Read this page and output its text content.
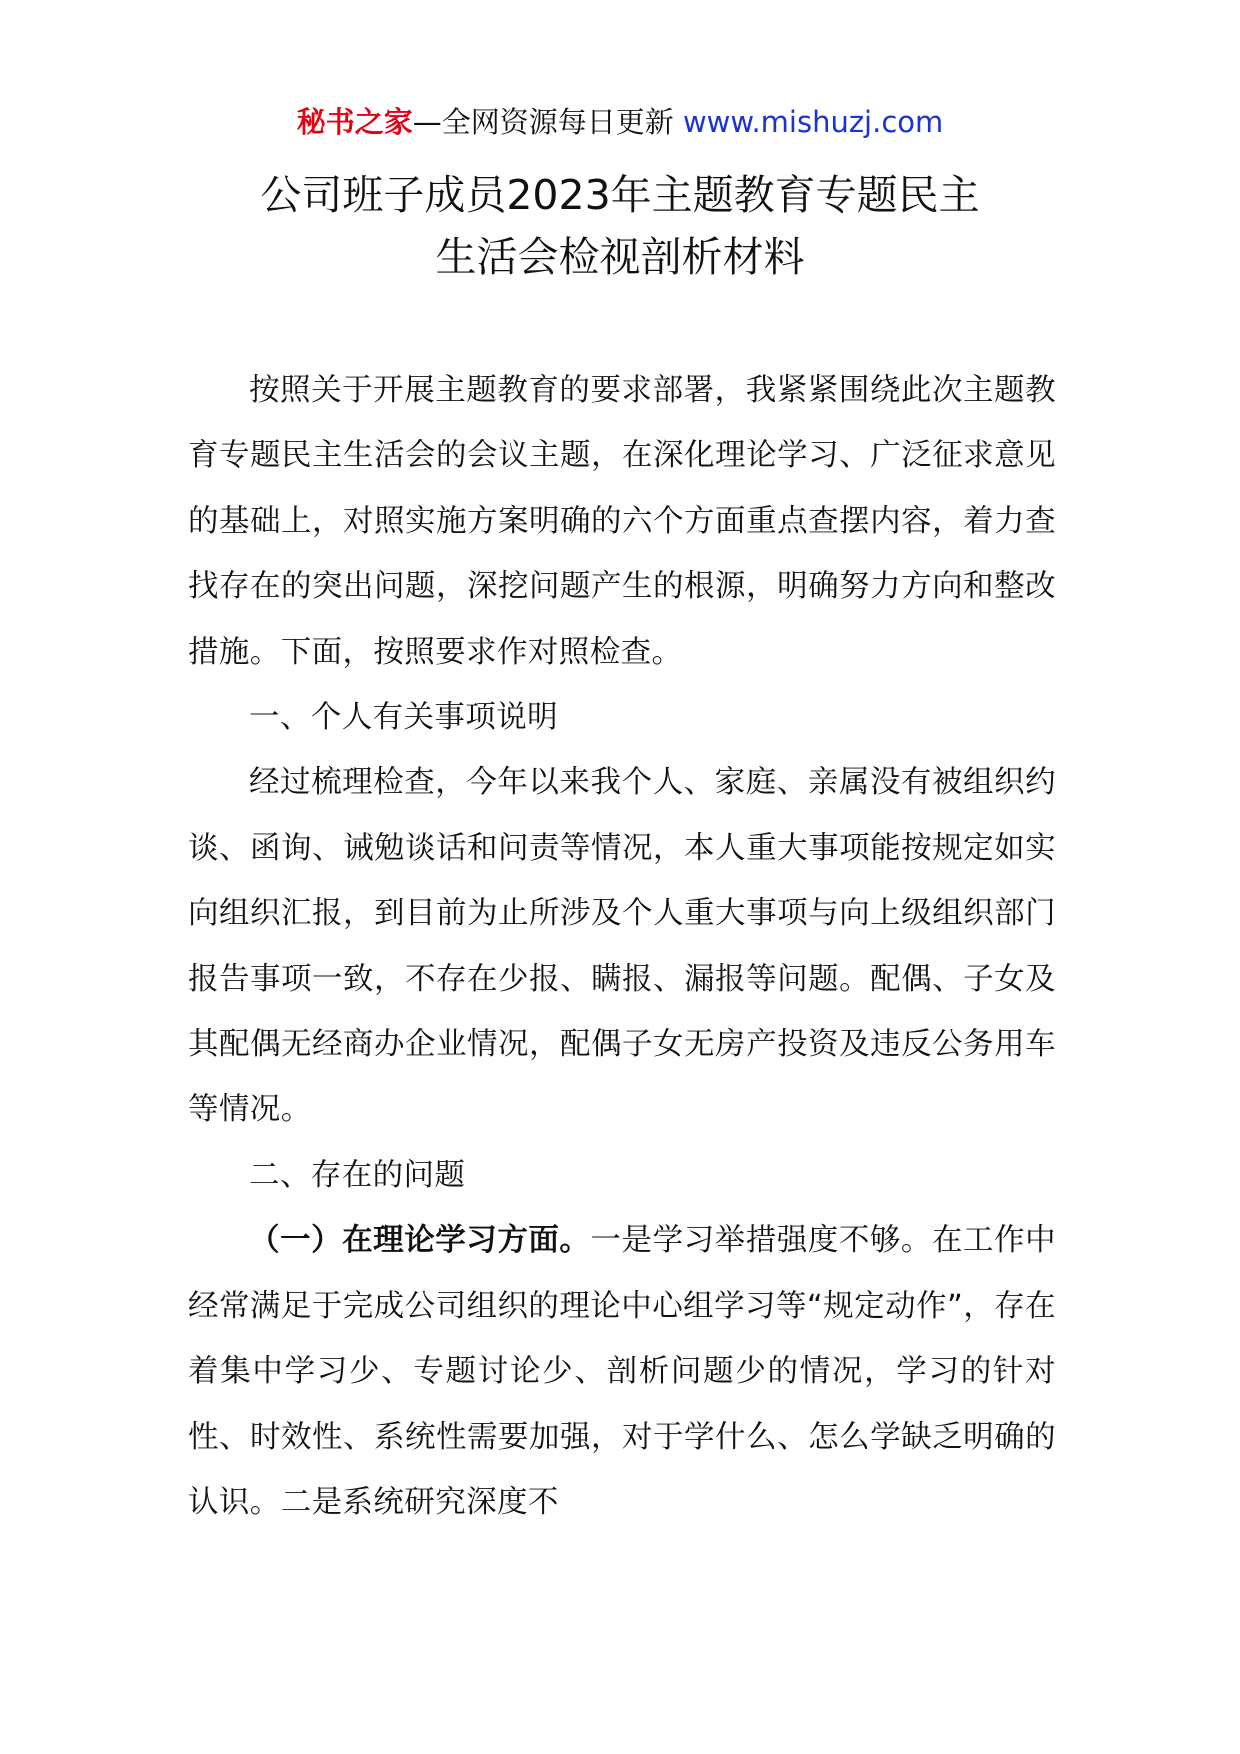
秘书之家—全网资源每日更新 www.mishuzj.com
公司班子成员2023年主题教育专题民主
生活会检视剖析材料

按照关于开展主题教育的要求部署，我紧紧围绕此次主题教育专题民主生活会的会议主题，在深化理论学习、广泛征求意见的基础上，对照实施方案明确的六个方面重点查摆内容，着力查找存在的突出问题，深挖问题产生的根源，明确努力方向和整改措施。下面，按照要求作对照检查。

一、个人有关事项说明

经过梳理检查，今年以来我个人、家庭、亲属没有被组织约谈、函询、诫勉谈话和问责等情况，本人重大事项能按规定如实向组织汇报，到目前为止所涉及个人重大事项与向上级组织部门报告事项一致，不存在少报、瞒报、漏报等问题。配偶、子女及其配偶无经商办企业情况，配偶子女无房产投资及违反公务用车等情况。

二、存在的问题

（一）在理论学习方面。一是学习举措强度不够。在工作中经常满足于完成公司组织的理论中心组学习等“规定动作”，存在着集中学习少、专题讨论少、剖析问题少的情况，学习的针对性、时效性、系统性需要加强，对于学什么、怎么学缺乏明确的认识。二是系统研究深度不
